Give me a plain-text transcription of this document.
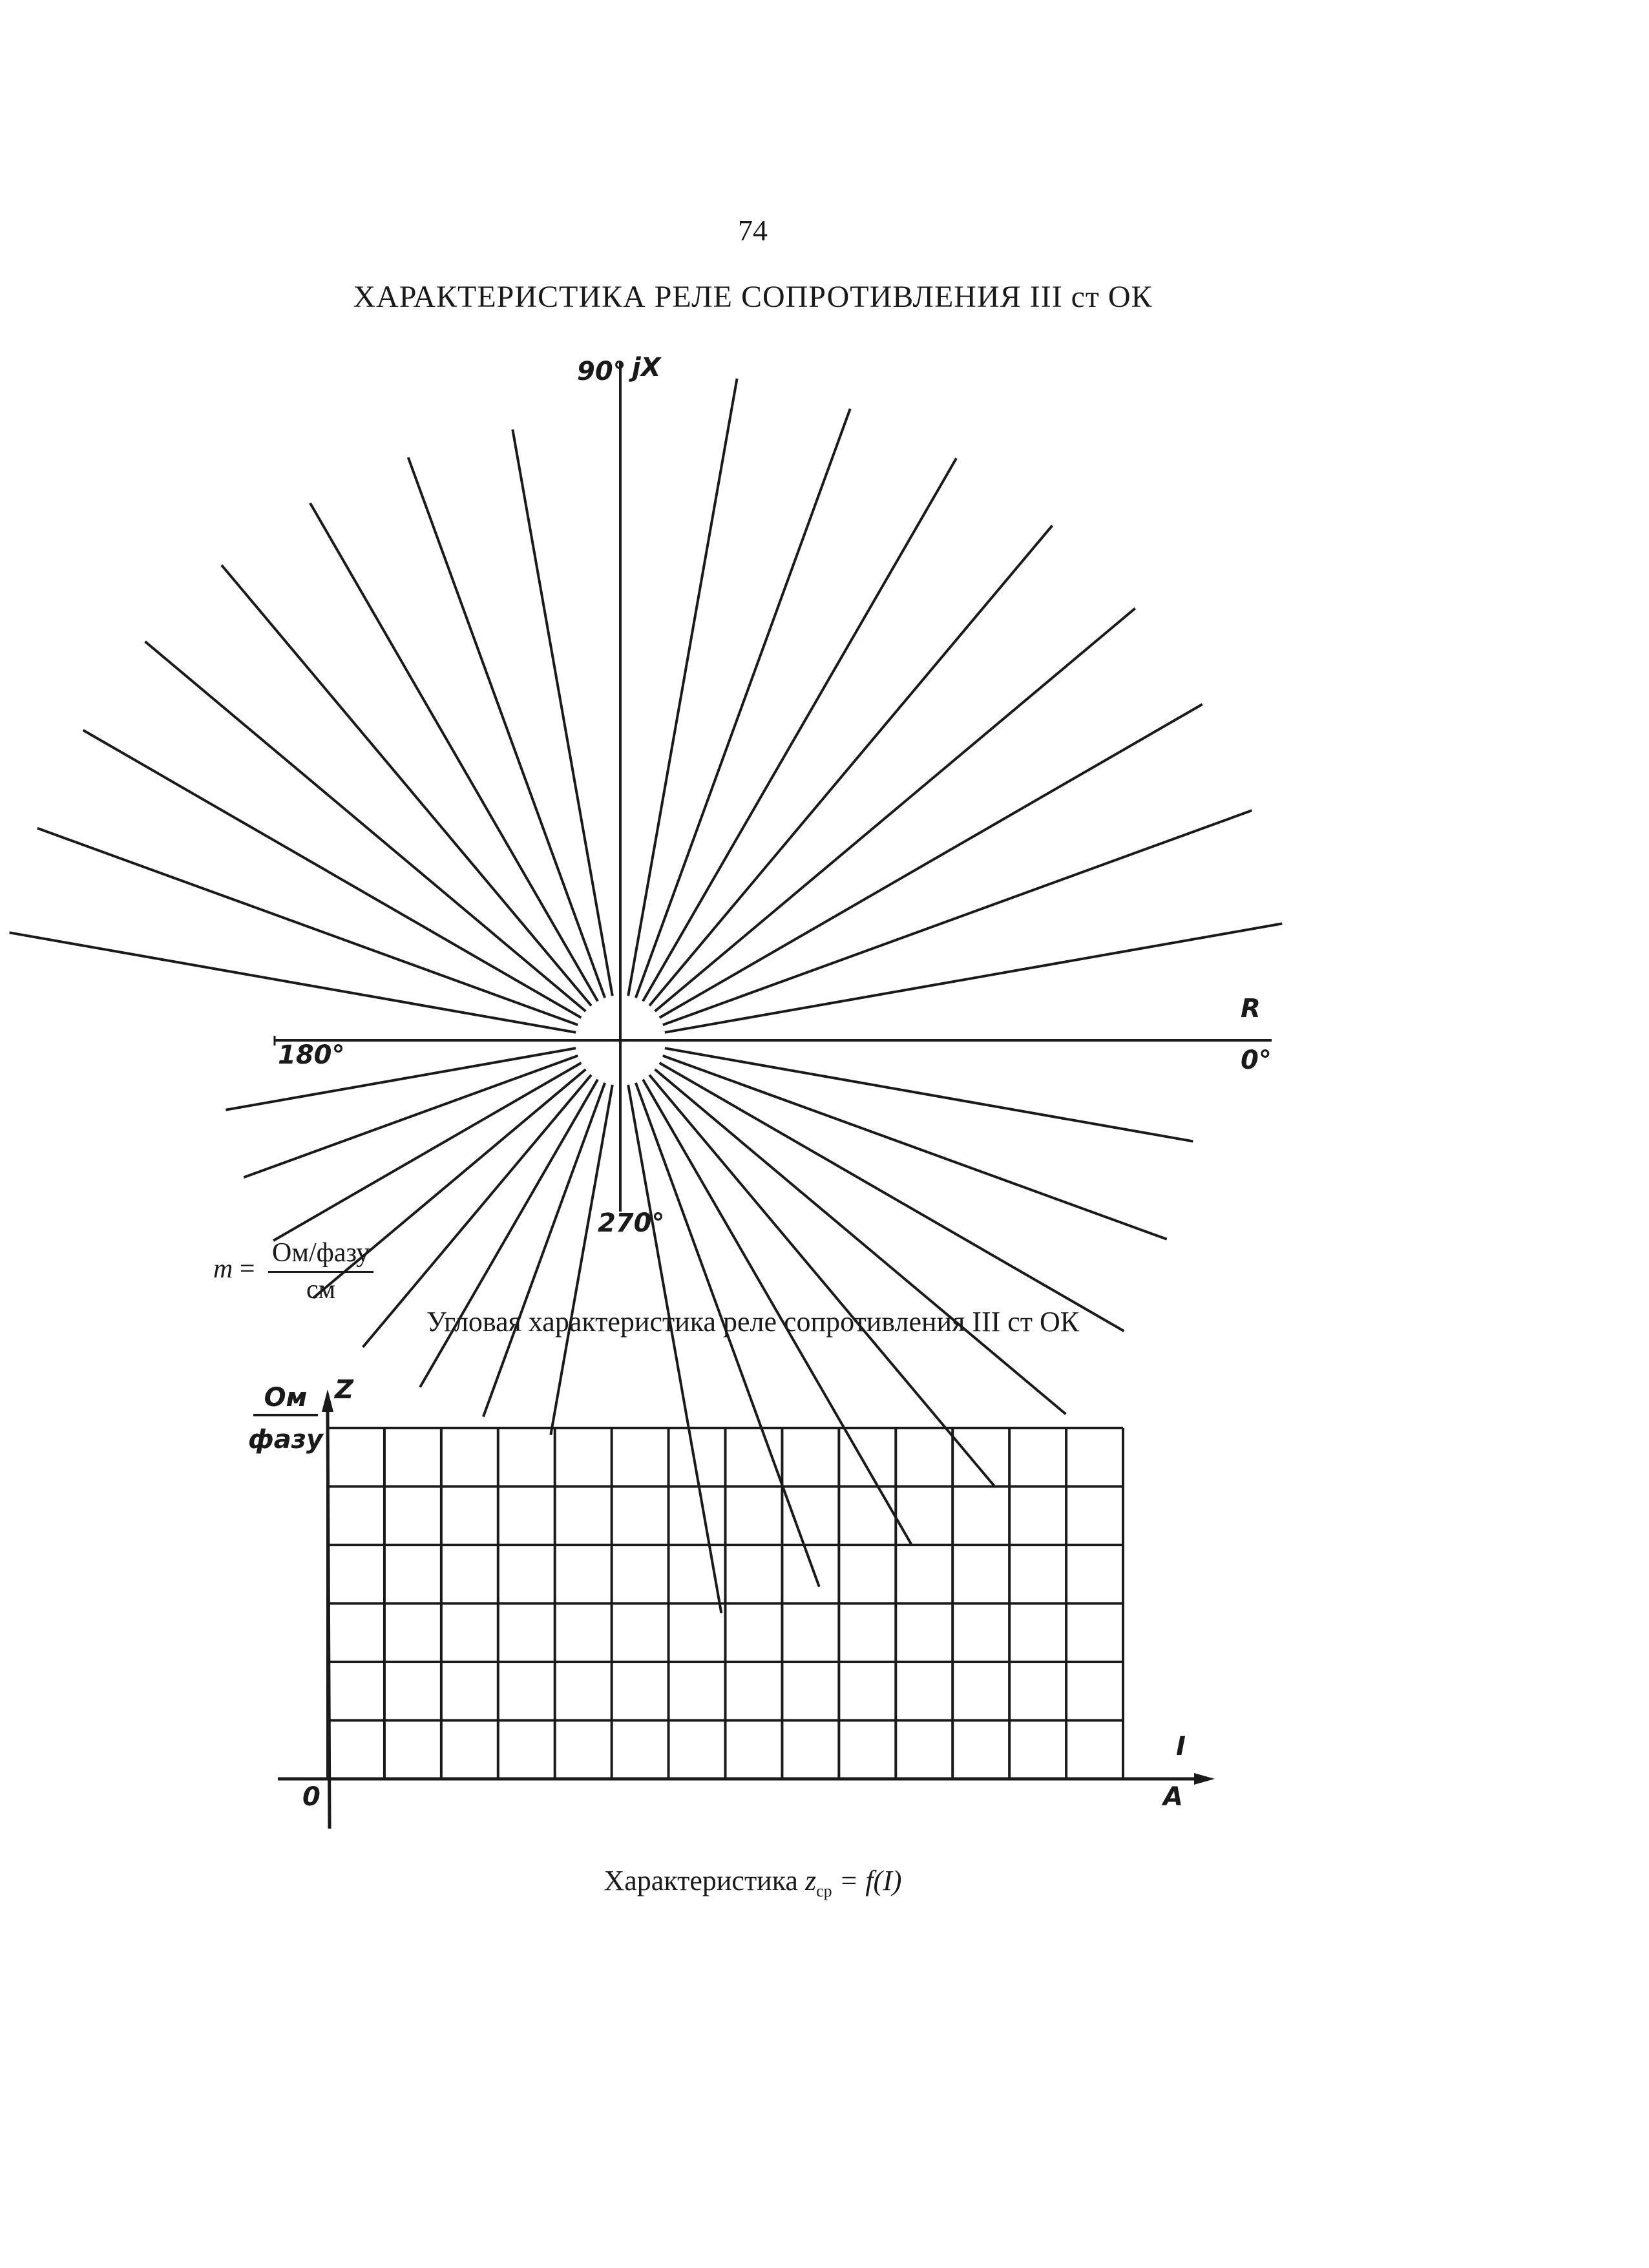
74
ХАРАКТЕРИСТИКА РЕЛЕ СОПРОТИВЛЕНИЯ III ст ОК
90° jX
R
0°
180°
270°
$m = \frac{\text{Ом/фазу}}{см}$
Угловая характеристика реле сопротивления III ст ОК
Ом
фазу
Z
I
A
0
Характеристика $z_{ср} = f(I)$
